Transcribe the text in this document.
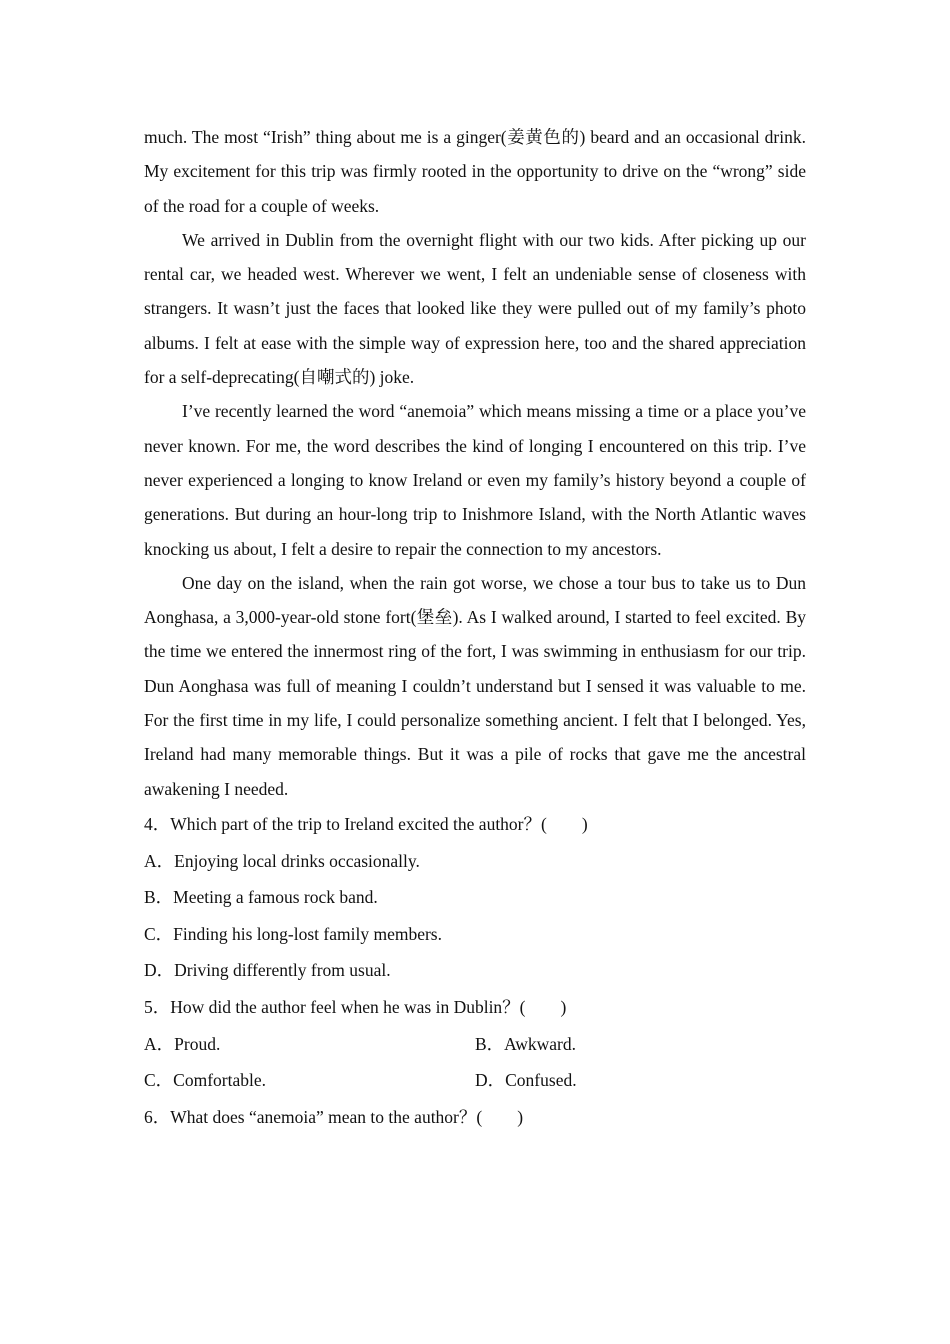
much. The most “Irish” thing about me is a ginger(姜黄色的) beard and an occasional drink. My excitement for this trip was firmly rooted in the opportunity to drive on the “wrong” side of the road for a couple of weeks.

We arrived in Dublin from the overnight flight with our two kids. After picking up our rental car, we headed west. Wherever we went, I felt an undeniable sense of closeness with strangers. It wasn’t just the faces that looked like they were pulled out of my family’s photo albums. I felt at ease with the simple way of expression here, too and the shared appreciation for a self-deprecating(自嘲式的) joke.

I’ve recently learned the word “anemoia” which means missing a time or a place you’ve never known. For me, the word describes the kind of longing I encountered on this trip. I’ve never experienced a longing to know Ireland or even my family’s history beyond a couple of generations. But during an hour-long trip to Inishmore Island, with the North Atlantic waves knocking us about, I felt a desire to repair the connection to my ancestors.

One day on the island, when the rain got worse, we chose a tour bus to take us to Dun Aonghasa, a 3,000-year-old stone fort(堡垒). As I walked around, I started to feel excited. By the time we entered the innermost ring of the fort, I was swimming in enthusiasm for our trip. Dun Aonghasa was full of meaning I couldn’t understand but I sensed it was valuable to me. For the first time in my life, I could personalize something ancient. I felt that I belonged. Yes, Ireland had many memorable things. But it was a pile of rocks that gave me the ancestral awakening I needed.

4．Which part of the trip to Ireland excited the author？(　　)

A．Enjoying local drinks occasionally.

B．Meeting a famous rock band.

C．Finding his long-lost family members.

D．Driving differently from usual.

5．How did the author feel when he was in Dublin？(　　)

A．Proud.	B．Awkward.
C．Comfortable.	D．Confused.

6．What does “anemoia” mean to the author？(　　)
